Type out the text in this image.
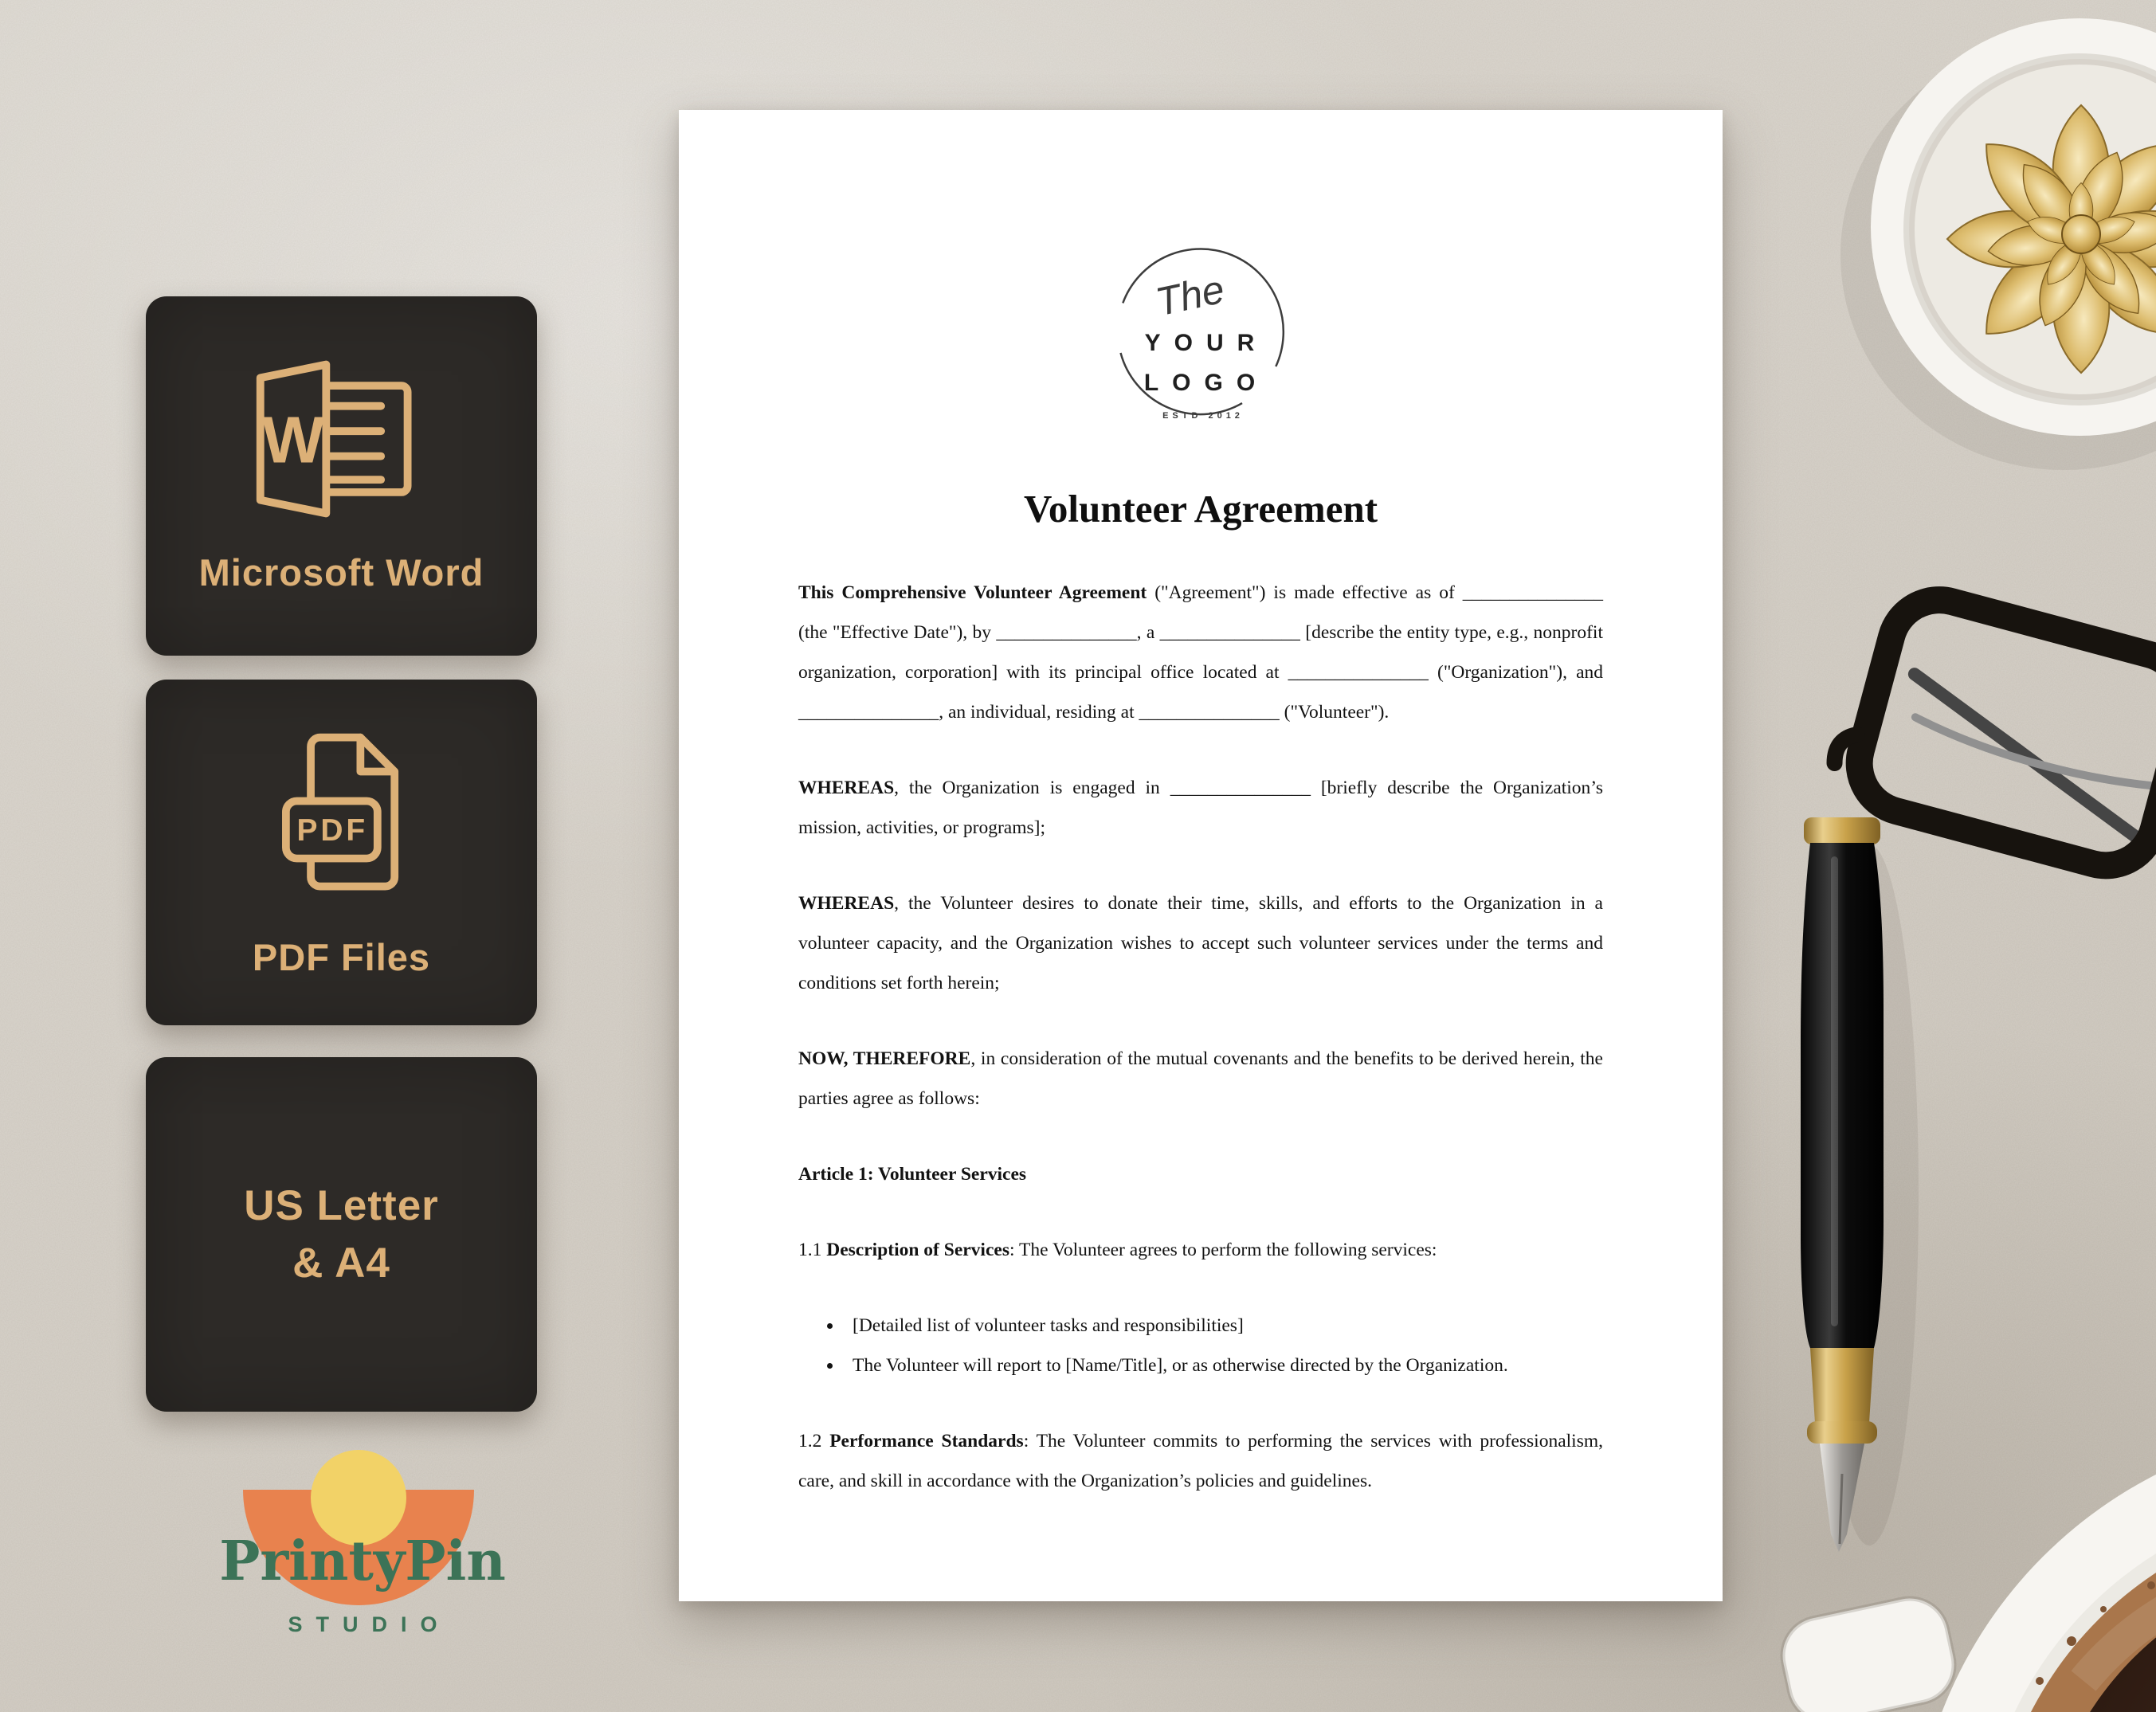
W
Microsoft Word
PDF
PDF Files
US Letter
& A4
PrintyPin
STUDIO
The
YOUR
LOGO
ESTD 2012
Volunteer Agreement

This Comprehensive Volunteer Agreement ("Agreement") is made effective as of _______________ (the "Effective Date"), by _______________, a _______________ [describe the entity type, e.g., nonprofit organization, corporation] with its principal office located at _______________ ("Organization"), and _______________, an individual, residing at _______________ ("Volunteer").

WHEREAS, the Organization is engaged in _______________ [briefly describe the Organization’s mission, activities, or programs];

WHEREAS, the Volunteer desires to donate their time, skills, and efforts to the Organization in a volunteer capacity, and the Organization wishes to accept such volunteer services under the terms and conditions set forth herein;

NOW, THEREFORE, in consideration of the mutual covenants and the benefits to be derived herein, the parties agree as follows:

Article 1: Volunteer Services

1.1 Description of Services: The Volunteer agrees to perform the following services:

• [Detailed list of volunteer tasks and responsibilities]
• The Volunteer will report to [Name/Title], or as otherwise directed by the Organization.

1.2 Performance Standards: The Volunteer commits to performing the services with professionalism, care, and skill in accordance with the Organization’s policies and guidelines.
